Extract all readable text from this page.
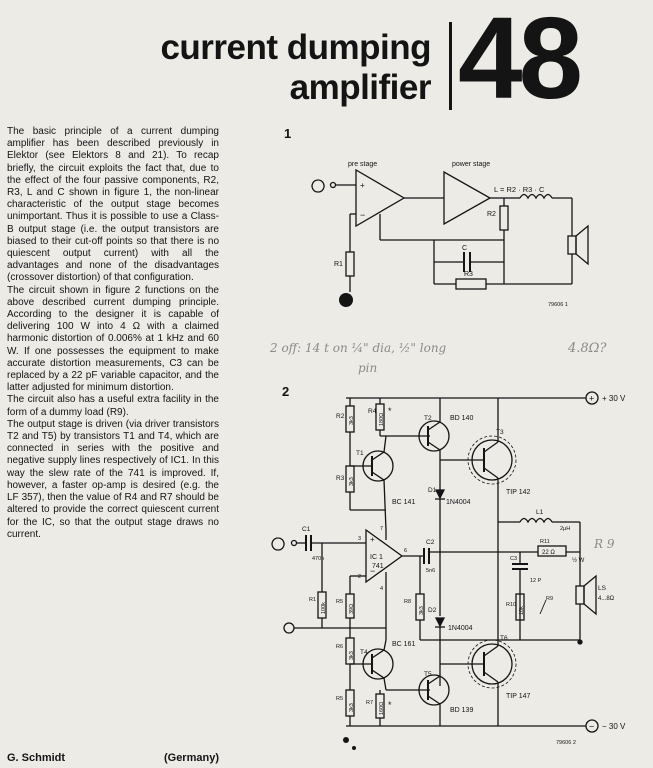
current dumping
amplifier 48

The basic principle of a current dumping amplifier has been described previously in Elektor (see Elektors 8 and 21). To recap briefly, the circuit exploits the fact that, due to the effect of the four passive components, R2, R3, L and C shown in figure 1, the non-linear characteristic of the output stage becomes unimportant. Thus it is possible to use a Class-B output stage (i.e. the output transistors are biased to their cut-off points so that there is no quiescent output current) with all the advantages and none of the disadvantages (crossover distortion) of that configuration.

The circuit shown in figure 2 functions on the above described current dumping principle. According to the designer it is capable of delivering 100 W into 4 Ω with a claimed harmonic distortion of 0.006% at 1 kHz and 60 W. If one possesses the equipment to make accurate distortion measurements, C3 can be replaced by a 22 pF variable capacitor, and the latter adjusted for minimum distortion.

The circuit also has a useful extra facility in the form of a dummy load (R9).

The output stage is driven (via driver transistors T2 and T5) by transistors T1 and T4, which are connected in series with the positive and negative supply lines respectively of IC1. In this way the slew rate of the 741 is improved. If, however, a faster op-amp is desired (e.g. the LF 357), then the value of R4 and R7 should be altered to provide the correct quiescent current for the IC, so that the output stage draws no current.

G. Schmidt	(Germany)
1
pre stage	power stage
L = R2 · R3 · C
+
−	R2
C
R3
R1
79606 1
2 off: 14 t on ¼" dia, ½" long
pin
4.8Ω?
R 9
2	+ + 30 V
− − 30 V
R2 3k3
R3 3k3
R4
180Ω
*
T1
BC 141
T2	BD 140
T3
TIP 142
D1
1N4004
C1
470n
+
−
IC 1
741
3
2
6
7
4
C2
5n6
L1
2µH
R11
22 Ω
½ W
C3
12 P
LS
4...8Ω
R10
10k
R9
R1
100k
R5
39Ω
R6
3k3
R5
3k3
R8
3k3 D2
1N4004
T4
BC 161
T5
BD 139
R7 160Ω *
T6
TIP 147
79606 2
